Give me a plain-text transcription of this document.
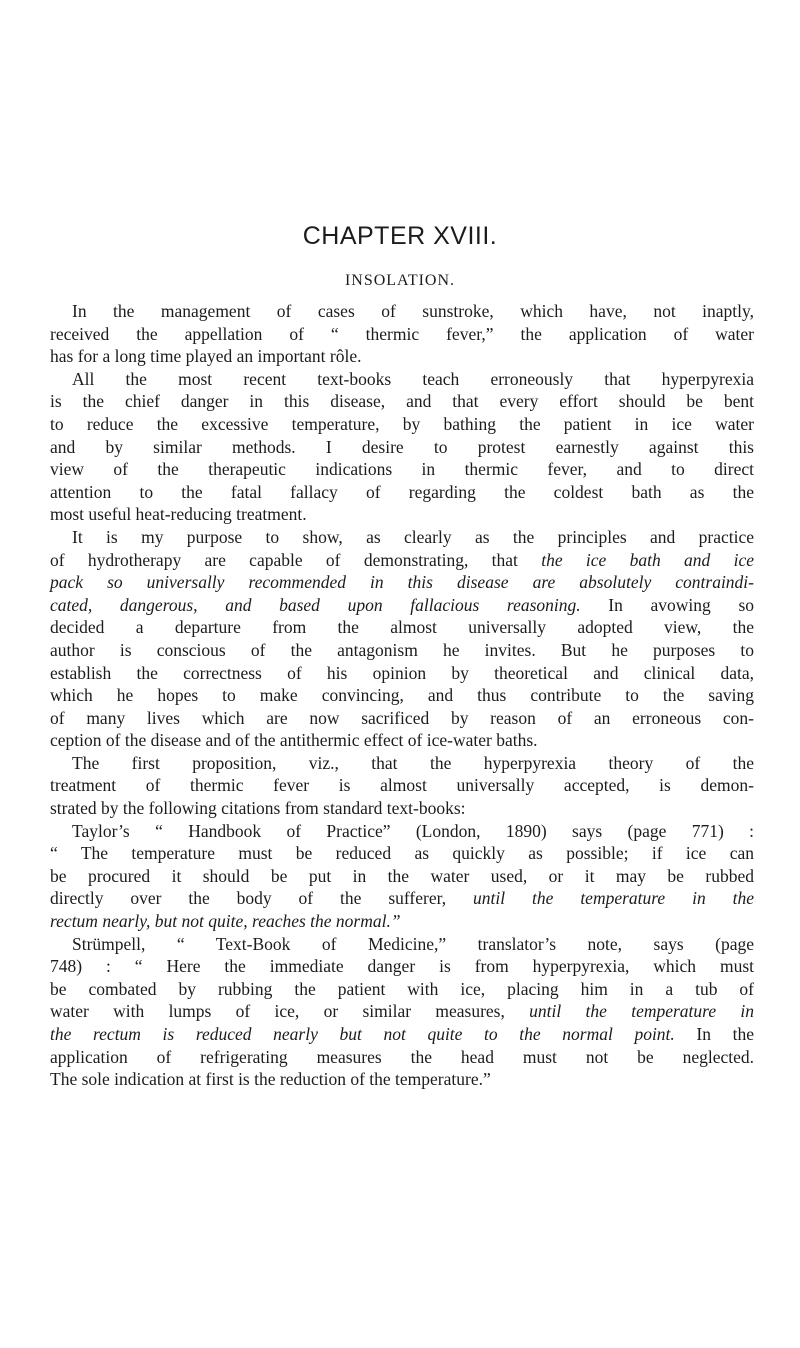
CHAPTER XVIII.
INSOLATION.
In the management of cases of sunstroke, which have, not inaptly,
received the appellation of “ thermic fever,” the application of water
has for a long time played an important rôle.
All the most recent text-books teach erroneously that hyperpyrexia
is the chief danger in this disease, and that every effort should be bent
to reduce the excessive temperature, by bathing the patient in ice water
and by similar methods. I desire to protest earnestly against this
view of the therapeutic indications in thermic fever, and to direct
attention to the fatal fallacy of regarding the coldest bath as the
most useful heat-reducing treatment.
It is my purpose to show, as clearly as the principles and practice
of hydrotherapy are capable of demonstrating, that the ice bath and ice
pack so universally recommended in this disease are absolutely contraindi-
cated, dangerous, and based upon fallacious reasoning. In avowing so
decided a departure from the almost universally adopted view, the
author is conscious of the antagonism he invites. But he purposes to
establish the correctness of his opinion by theoretical and clinical data,
which he hopes to make convincing, and thus contribute to the saving
of many lives which are now sacrificed by reason of an erroneous con-
ception of the disease and of the antithermic effect of ice-water baths.
The first proposition, viz., that the hyperpyrexia theory of the
treatment of thermic fever is almost universally accepted, is demon-
strated by the following citations from standard text-books:
Taylor’s “ Handbook of Practice” (London, 1890) says (page 771) :
“ The temperature must be reduced as quickly as possible; if ice can
be procured it should be put in the water used, or it may be rubbed
directly over the body of the sufferer, until the temperature in the
rectum nearly, but not quite, reaches the normal.”
Strümpell, “ Text-Book of Medicine,” translator’s note, says (page
748) : “ Here the immediate danger is from hyperpyrexia, which must
be combated by rubbing the patient with ice, placing him in a tub of
water with lumps of ice, or similar measures, until the temperature in
the rectum is reduced nearly but not quite to the normal point. In the
application of refrigerating measures the head must not be neglected.
The sole indication at first is the reduction of the temperature.”
